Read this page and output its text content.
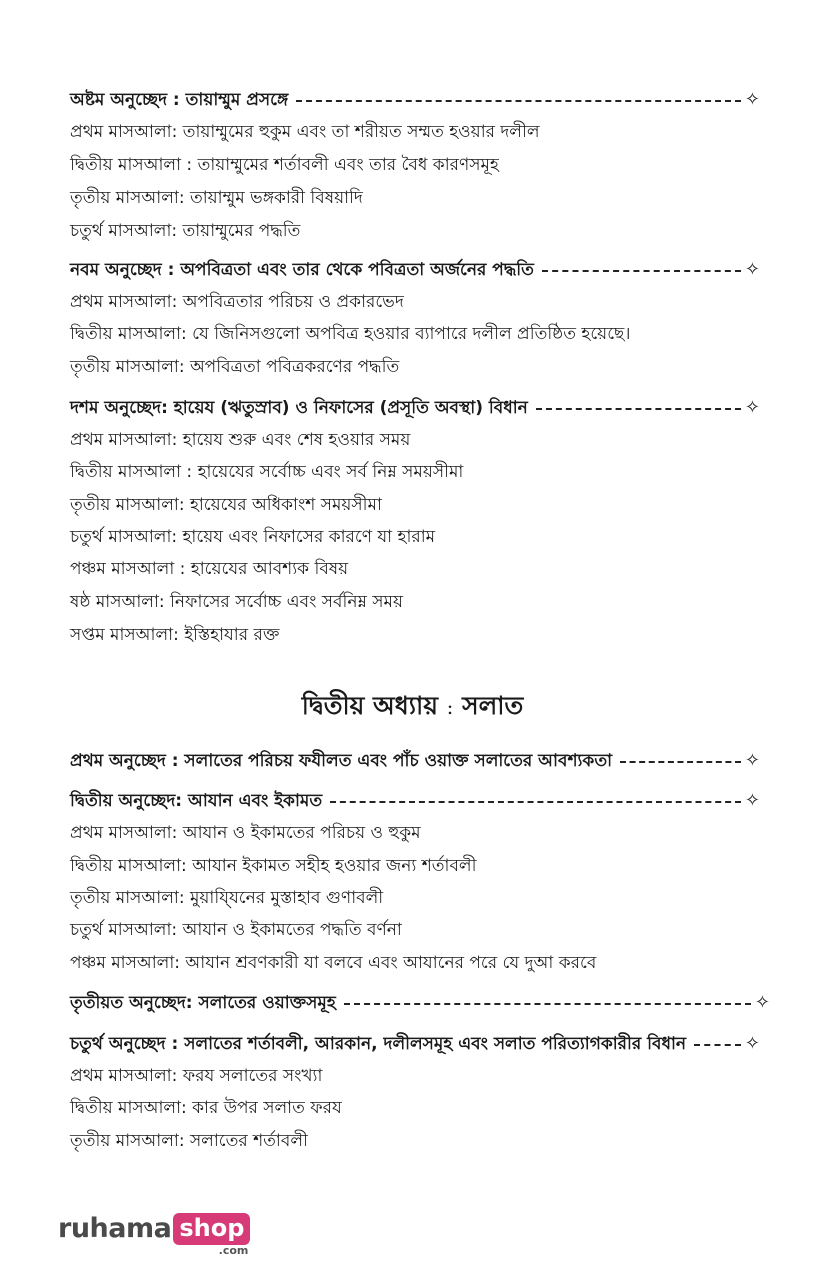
অষ্টম অনুচ্ছেদ : তায়াম্মুম প্রসঙ্গে	✧
প্রথম মাসআলা: তায়াম্মুমের হুকুম এবং তা শরীয়ত সম্মত হওয়ার দলীল
দ্বিতীয় মাসআলা : তায়াম্মুমের শর্তাবলী এবং তার বৈধ কারণসমূহ
তৃতীয় মাসআলা: তায়াম্মুম ভঙ্গকারী বিষয়াদি
চতুর্থ মাসআলা: তায়াম্মুমের পদ্ধতি
নবম অনুচ্ছেদ : অপবিত্রতা এবং তার থেকে পবিত্রতা অর্জনের পদ্ধতি	✧
প্রথম মাসআলা: অপবিত্রতার পরিচয় ও প্রকারভেদ
দ্বিতীয় মাসআলা: যে জিনিসগুলো অপবিত্র হওয়ার ব্যাপারে দলীল প্রতিষ্ঠিত হয়েছে।
তৃতীয় মাসআলা: অপবিত্রতা পবিত্রকরণের পদ্ধতি
দশম অনুচ্ছেদ: হায়েয (ঋতুস্রাব) ও নিফাসের (প্রসূতি অবস্থা) বিধান	✧
প্রথম মাসআলা: হায়েয শুরু এবং শেষ হওয়ার সময়
দ্বিতীয় মাসআলা : হায়েযের সর্বোচ্চ এবং সর্ব নিম্ন সময়সীমা
তৃতীয় মাসআলা: হায়েযের অধিকাংশ সময়সীমা
চতুর্থ মাসআলা: হায়েয এবং নিফাসের কারণে যা হারাম
পঞ্চম মাসআলা : হায়েযের আবশ্যক বিষয়
ষষ্ঠ মাসআলা: নিফাসের সর্বোচ্চ এবং সর্বনিম্ন সময়
সপ্তম মাসআলা: ইস্তিহাযার রক্ত
দ্বিতীয় অধ্যায় : সলাত
প্রথম অনুচ্ছেদ : সলাতের পরিচয় ফযীলত এবং পাঁচ ওয়াক্ত সলাতের আবশ্যকতা	✧
দ্বিতীয় অনুচ্ছেদ: আযান এবং ইকামত	✧
প্রথম মাসআলা: আযান ও ইকামতের পরিচয় ও হুকুম
দ্বিতীয় মাসআলা: আযান ইকামত সহীহ হওয়ার জন্য শর্তাবলী
তৃতীয় মাসআলা: মুয়াযি্যনের মুস্তাহাব গুণাবলী
চতুর্থ মাসআলা: আযান ও ইকামতের পদ্ধতি বর্ণনা
পঞ্চম মাসআলা: আযান শ্রবণকারী যা বলবে এবং আযানের পরে যে দুআ করবে
তৃতীয়ত অনুচ্ছেদ: সলাতের ওয়াক্তসমূহ	✧
চতুর্থ অনুচ্ছেদ : সলাতের শর্তাবলী, আরকান, দলীলসমূহ এবং সলাত পরিত্যাগকারীর বিধান	✧
প্রথম মাসআলা: ফরয সলাতের সংখ্যা
দ্বিতীয় মাসআলা: কার উপর সলাত ফরয
তৃতীয় মাসআলা: সলাতের শর্তাবলী
ruhama shop
.com
